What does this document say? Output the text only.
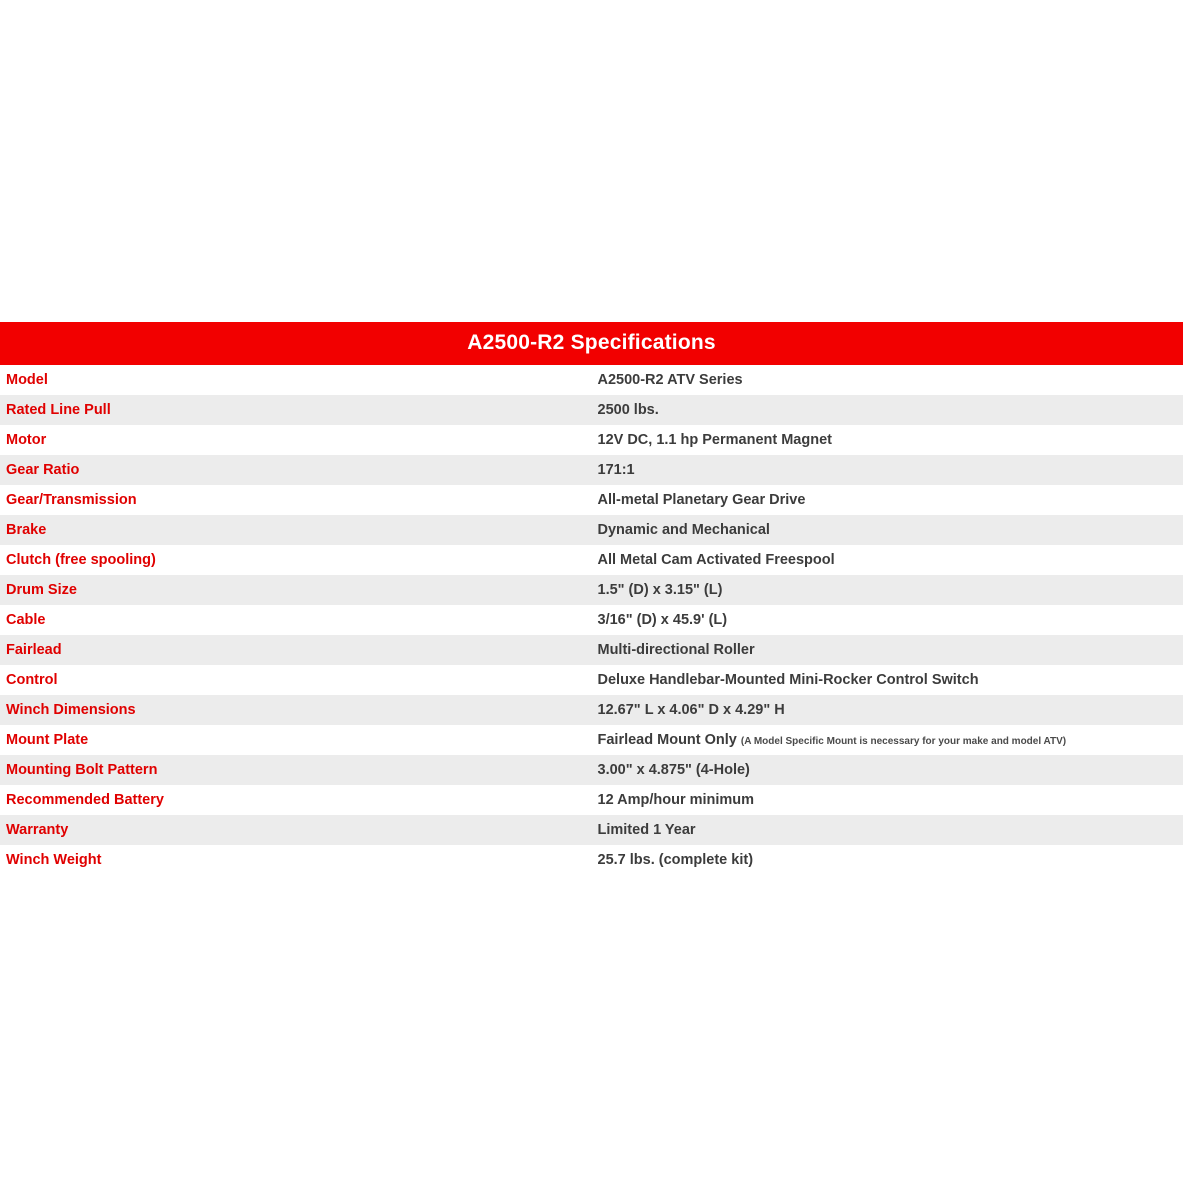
A2500-R2 Specifications	
Model	A2500-R2 ATV Series
Rated Line Pull	2500 lbs.
Motor	12V DC, 1.1 hp Permanent Magnet
Gear Ratio	171:1
Gear/Transmission	All-metal Planetary Gear Drive
Brake	Dynamic and Mechanical
Clutch (free spooling)	All Metal Cam Activated Freespool
Drum Size	1.5" (D) x 3.15" (L)
Cable	3/16" (D) x 45.9' (L)
Fairlead	Multi-directional Roller
Control	Deluxe Handlebar-Mounted Mini-Rocker Control Switch
Winch Dimensions	12.67" L x 4.06" D x 4.29" H
Mount Plate	Fairlead Mount Only (A Model Specific Mount is necessary for your make and model ATV)
Mounting Bolt Pattern	3.00" x 4.875" (4-Hole)
Recommended Battery	12 Amp/hour minimum
Warranty	Limited 1 Year
Winch Weight	25.7 lbs. (complete kit)
